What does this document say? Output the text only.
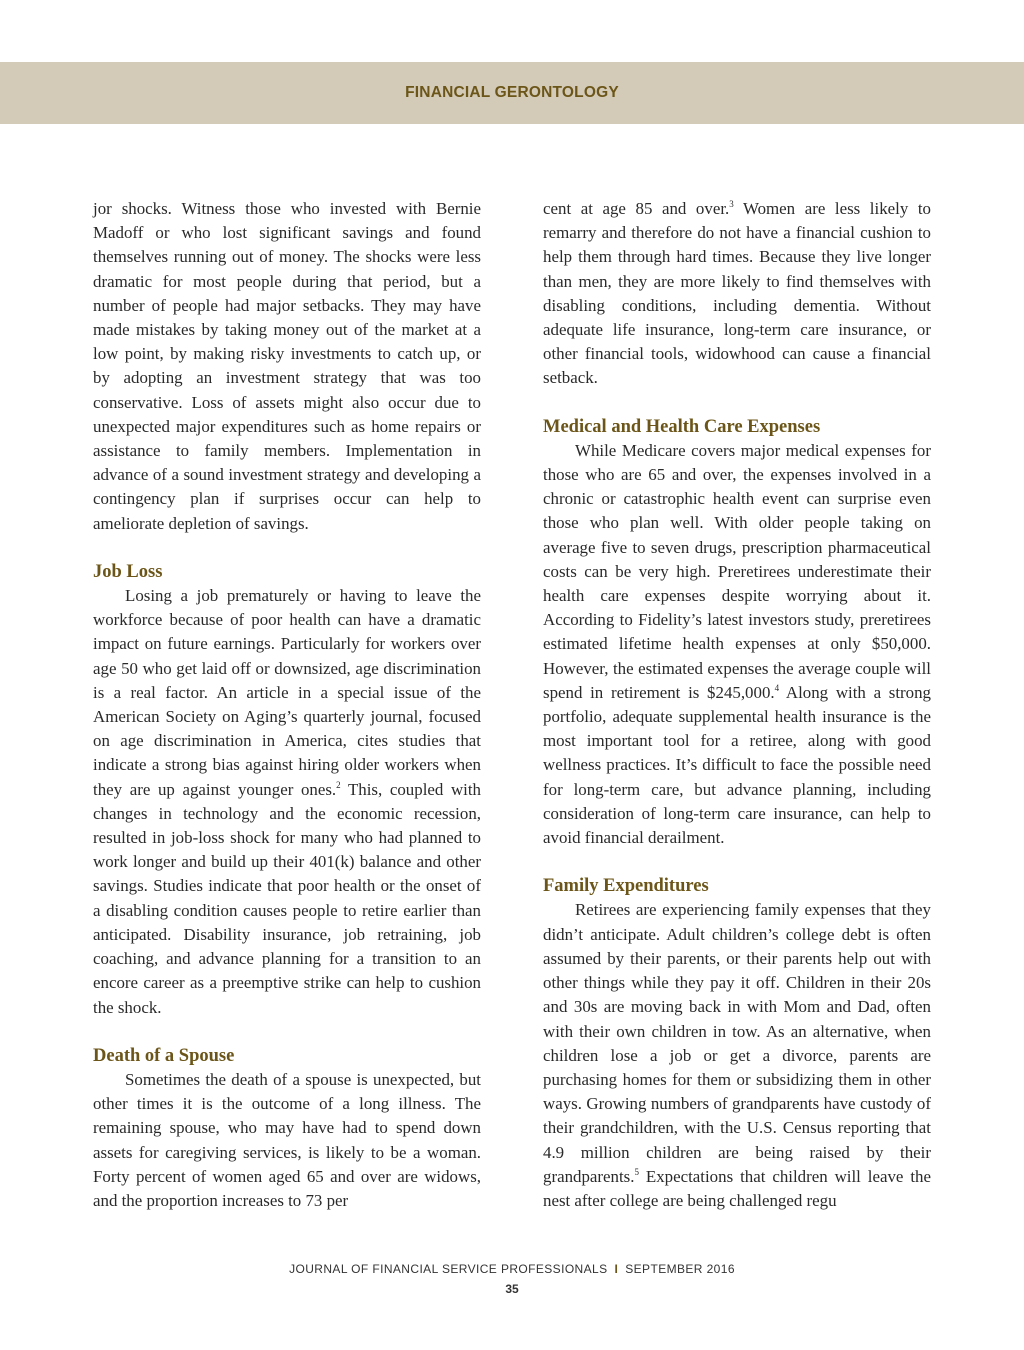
FINANCIAL GERONTOLOGY

jor shocks. Witness those who invested with Bernie Madoff or who lost significant savings and found themselves running out of money. The shocks were less dramatic for most people during that period, but a number of people had major setbacks. They may have made mistakes by taking money out of the market at a low point, by making risky investments to catch up, or by adopting an investment strategy that was too conservative. Loss of assets might also occur due to unexpected major expenditures such as home repairs or assistance to family members. Implementation in advance of a sound investment strategy and developing a contingency plan if surprises occur can help to ameliorate depletion of savings.

Job Loss

Losing a job prematurely or having to leave the workforce because of poor health can have a dramatic impact on future earnings. Particularly for workers over age 50 who get laid off or downsized, age discrimination is a real factor. An article in a special issue of the American Society on Aging’s quarterly journal, focused on age discrimination in America, cites studies that indicate a strong bias against hiring older workers when they are up against younger ones.$^2$ This, coupled with changes in technology and the economic recession, resulted in job-loss shock for many who had planned to work longer and build up their 401(k) balance and other savings. Studies indicate that poor health or the onset of a disabling condition causes people to retire earlier than anticipated. Disability insurance, job retraining, job coaching, and advance planning for a transition to an encore career as a preemptive strike can help to cushion the shock.

Death of a Spouse

Sometimes the death of a spouse is unexpected, but other times it is the outcome of a long illness. The remaining spouse, who may have had to spend down assets for caregiving services, is likely to be a woman. Forty percent of women aged 65 and over are widows, and the proportion increases to 73 per

cent at age 85 and over.$^3$ Women are less likely to remarry and therefore do not have a financial cushion to help them through hard times. Because they live longer than men, they are more likely to find themselves with disabling conditions, including dementia. Without adequate life insurance, long-term care insurance, or other financial tools, widowhood can cause a financial setback.

Medical and Health Care Expenses

While Medicare covers major medical expenses for those who are 65 and over, the expenses involved in a chronic or catastrophic health event can surprise even those who plan well. With older people taking on average five to seven drugs, prescription pharmaceutical costs can be very high. Preretirees underestimate their health care expenses despite worrying about it. According to Fidelity’s latest investors study, preretirees estimated lifetime health expenses at only $50,000. However, the estimated expenses the average couple will spend in retirement is $245,000.$^4$ Along with a strong portfolio, adequate supplemental health insurance is the most important tool for a retiree, along with good wellness practices. It’s difficult to face the possible need for long-term care, but advance planning, including consideration of long-term care insurance, can help to avoid financial derailment.

Family Expenditures

Retirees are experiencing family expenses that they didn’t anticipate. Adult children’s college debt is often assumed by their parents, or their parents help out with other things while they pay it off. Children in their 20s and 30s are moving back in with Mom and Dad, often with their own children in tow. As an alternative, when children lose a job or get a divorce, parents are purchasing homes for them or subsidizing them in other ways. Growing numbers of grandparents have custody of their grandchildren, with the U.S. Census reporting that 4.9 million children are being raised by their grandparents.$^5$ Expectations that children will leave the nest after college are being challenged regu

JOURNAL OF FINANCIAL SERVICE PROFESSIONALS I SEPTEMBER 2016
35
